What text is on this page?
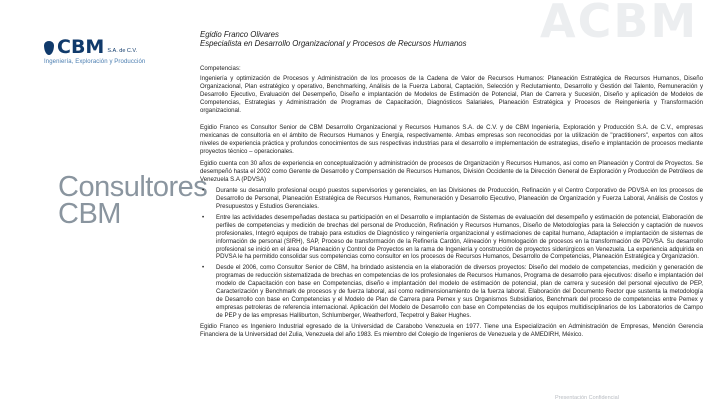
ACBM
CBM S.A. de C.V.
Ingeniería, Exploración y Producción
Consultores
CBM
Egidio Franco Olivares
Especialista en Desarrollo Organizacional y Procesos de Recursos Humanos
Competencias:
Ingeniería y optimización de Procesos y Administración de los procesos de la Cadena de Valor de Recursos Humanos: Planeación Estratégica de Recursos Humanos, Diseño Organizacional, Plan estratégico y operativo, Benchmarking, Análisis de la Fuerza Laboral, Captación, Selección y Reclutamiento, Desarrollo y Gestión del Talento, Remuneración y Desarrollo Ejecutivo, Evaluación del Desempeño, Diseño e implantación de Modelos de Estimación de Potencial, Plan de Carrera y Sucesión, Diseño y aplicación de Modelos de Competencias, Estrategias y Administración de Programas de Capacitación, Diagnósticos Salariales, Planeación Estratégica y Procesos de Reingeniería y Transformación organizacional.
Egidio Franco es Consultor Senior de CBM Desarrollo Organizacional y Recursos Humanos S.A. de C.V. y de CBM Ingeniería, Exploración y Producción S.A. de C.V., empresas mexicanas de consultoría en el ámbito de Recursos Humanos y Energía, respectivamente. Ambas empresas son reconocidas por la utilización de "practitioners", expertos con altos niveles de experiencia práctica y profundos conocimientos de sus respectivas industrias para el desarrollo e implementación de estrategias, diseño e implantación de procesos mediante proyectos técnico – operacionales.
Egidio cuenta con 30 años de experiencia en conceptualización y administración de procesos de Organización y Recursos Humanos, así como en Planeación y Control de Proyectos. Se desempeñó hasta el 2002 como Gerente de Desarrollo y Compensación de Recursos Humanos, División Occidente de la Dirección General de Exploración y Producción de Petróleos de Venezuela S.A (PDVSA)
• Durante su desarrollo profesional ocupó puestos supervisorios y gerenciales, en las Divisiones de Producción, Refinación y el Centro Corporativo de PDVSA en los procesos de Desarrollo de Personal, Planeación Estratégica de Recursos Humanos, Remuneración y Desarrollo Ejecutivo, Planeación de Organización y Fuerza Laboral, Análisis de Costos y Presupuestos y Estudios Gerenciales.
• Entre las actividades desempeñadas destaca su participación en el Desarrollo e implantación de Sistemas de evaluación del desempeño y estimación de potencial, Elaboración de perfiles de competencias y medición de brechas del personal de Producción, Refinación y Recursos Humanos, Diseño de Metodologías para la Selección y captación de nuevos profesionales, Integró equipos de trabajo para estudios de Diagnóstico y reingeniería organizacional y estimaciones de capital humano, Adaptación e implantación de sistemas de información de personal (SIRH), SAP, Proceso de transformación de la Refinería Cardón, Alineación y Homologación de procesos en la transformación de PDVSA. Su desarrollo profesional se inició en el área de Planeación y Control de Proyectos en la rama de Ingeniería y construcción de proyectos siderúrgicos en Venezuela. La experiencia adquirida en PDVSA le ha permitido consolidar sus competencias como consultor en los procesos de Recursos Humanos, Desarrollo de Competencias, Planeación Estratégica y Organización.
• Desde el 2006, como Consultor Senior de CBM, ha brindado asistencia en la elaboración de diversos proyectos: Diseño del modelo de competencias, medición y generación de programas de reducción sistematizada de brechas en competencias de los profesionales de Recursos Humanos, Programa de desarrollo para ejecutivos: diseño e implantación del modelo de Capacitación con base en Competencias, diseño e implantación del modelo de estimación de potencial, plan de carrera y sucesión del personal ejecutivo de PEP, Caracterización y Benchmark de procesos y de fuerza laboral, así como redimensionamiento de la fuerza laboral. Elaboración del Documento Rector que sustenta la metodología de Desarrollo con base en Competencias y el Modelo de Plan de Carrera para Pemex y sus Organismos Subsidiarios, Benchmark del proceso de competencias entre Pemex y empresas petroleras de referencia internacional. Aplicación del Modelo de Desarrollo con base en Competencias de los equipos multidisciplinarios de los Laboratorios de Campo de PEP y de las empresas Halliburton, Schlumberger, Weatherford, Tecpetrol y Baker Hughes.
Egidio Franco es Ingeniero Industrial egresado de la Universidad de Carabobo Venezuela en 1977. Tiene una Especialización en Administración de Empresas, Mención Gerencia Financiera de la Universidad del Zulia, Venezuela del año 1983. Es miembro del Colegio de Ingenieros de Venezuela y de AMEDIRH, México.
Presentación Confidencial
